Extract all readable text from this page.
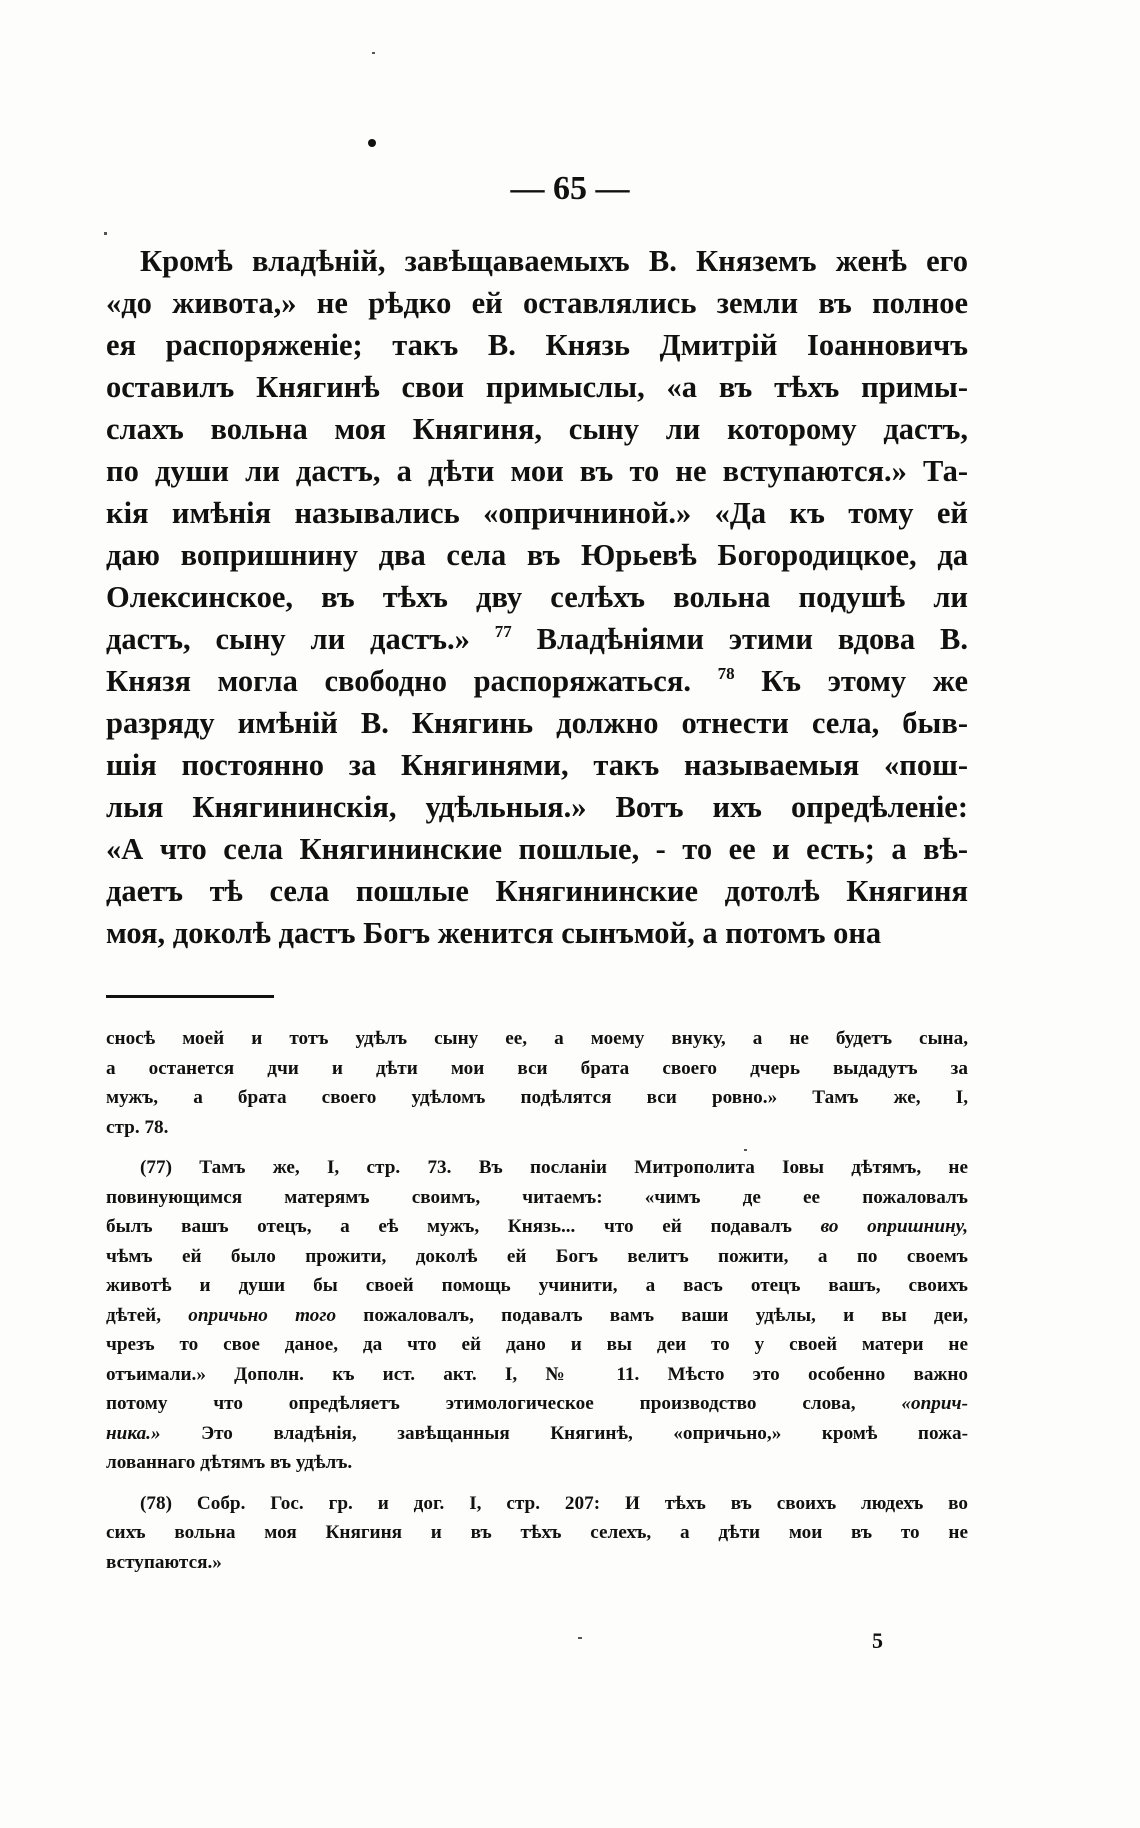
— 65 —
Кромѣ владѣній, завѣщаваемыхъ В. Княземъ женѣ его
«до живота,» не рѣдко ей оставлялись земли въ полное
ея распоряженіе; такъ В. Князь Дмитрій Іоанновичъ
оставилъ Княгинѣ свои примыслы, «а въ тѣхъ примы-
слахъ вольна моя Княгиня, сыну ли которому дастъ,
по души ли дастъ, а дѣти мои въ то не вступаются.» Та-
кія имѣнія назывались «опричниной.» «Да къ тому ей
даю вопришнину два села въ Юрьевѣ Богородицкое, да
Олексинское, въ тѣхъ дву селѣхъ вольна подушѣ ли
дастъ, сыну ли дастъ.» $^{77}$ Владѣніями этими вдова В.
Князя могла свободно распоряжаться. $^{78}$ Къ этому же
разряду имѣній В. Княгинь должно отнести села, быв-
шія постоянно за Княгинями, такъ называемыя «пош-
лыя Княгининскія, удѣльныя.» Вотъ ихъ опредѣленіе:
«А что села Княгининские пошлые, - то ее и есть; а вѣ-
даетъ тѣ села пошлые Княгининские дотолѣ Княгиня
моя, доколѣ дастъ Богъ женится сынъмой, а потомъ она
сносѣ моей и тотъ удѣлъ сыну ее, а моему внуку, а не будетъ сына,
а останется дчи и дѣти мои вси брата своего дчерь выдадутъ за
мужъ, а брата своего удѣломъ подѣлятся вси ровно.» Тамъ же, I,
стр. 78.
(77) Тамъ же, I, стр. 73. Въ посланіи Митрополита Іовы дѣтямъ, не
повинующимся матерямъ своимъ, читаемъ: «чимъ де ее пожаловалъ
былъ вашъ отецъ, а еѣ мужъ, Князь... что ей подавалъ во опришнину,
чѣмъ ей было прожити, доколѣ ей Богъ велитъ пожити, а по своемъ
животѣ и души бы своей помощь учинити, а васъ отецъ вашъ, своихъ
дѣтей, опричьно того пожаловалъ, подавалъ вамъ ваши удѣлы, и вы деи,
чрезъ то свое даное, да что ей дано и вы деи то у своей матери не
отъимали.» Дополн. къ ист. акт. I, № 11. Мѣсто это особенно важно
потому что опредѣляетъ этимологическое производство слова, «оприч-
ника.» Это владѣнія, завѣщанныя Княгинѣ, «опричьно,» кромѣ пожа-
лованнаго дѣтямъ въ удѣлъ.
(78) Собр. Гос. гр. и дог. I, стр. 207: И тѣхъ въ своихъ людехъ во
сихъ вольна моя Княгиня и въ тѣхъ селехъ, а дѣти мои въ то не
вступаются.»
5
